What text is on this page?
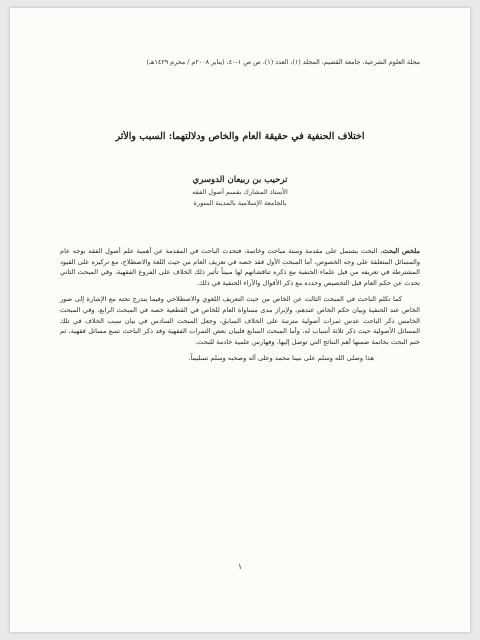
مجلة العلوم الشرعية، جامعة القصيم، المجلد (١)، العدد (١)، ص ص ١-٤٠، (يناير ٢٠٠٨م / محرم ١٤٢٩هـ)
اختلاف الحنفية في حقيقة العام والخاص ودلالتهما: السبب والأثر
ترحيب بن ربيعان الدوسري
الأستاذ المشارك بقسم أصول الفقه
بالجامعة الإسلامية بالمدينة المنورة

ملخص البحث. البحث يشتمل على مقدمة وستة مباحث وخاتمة، فتحدث الباحث في المقدمة عن أهمية علم أصول الفقه بوجه عام والمسائل المتعلقة على وجه الخصوص، أما المبحث الأول فقد خصه في تعريف العام من حيث اللغة والاصطلاح، مع تركيزه على القيود المشترطة في تعريفه من قبل علماء الحنفية مع ذكره تناقشاتهم لها مبيناً تأثير ذلك الخلاف على الفروع الفقهية، وفي المبحث الثاني تحدث عن حكم العام قبل التخصيص وحدده مع ذكر الأقوال والآراء الحنفية في ذلك.

كما تكلم الباحث في المبحث الثالث عن الخاص من حيث التعريف اللغوي والاصطلاحي وفيما يندرج تحته مع الإشارة إلى صور الخاص عند الحنفية وبيان حكم الخاص عندهم، ولإبراز مدى مساواة العام للخاص في القطعية خصه في المبحث الرابع، وفي المبحث الخامس ذكر الباحث عدس ثمرات أصولية مترتبة على الخلاف السابق، وجعل المبحث السادس في بيان سبب الخلاف في تلك المسائل الأصولية حيث ذكر ثلاثة أسباب له، وأما المبحث السابع فلبيان بعض الثمرات الفقهية وقد ذكر الباحث تسع مسائل فقهية، ثم ختم البحث بخاتمة ضمنها أهم النتائج التي توصل إليها، وفهارس علمية خادمة للبحث.

هذا وصلى الله وسلم على نبينا محمد وعلى آله وصحبه وسلم تسليماً.

١
